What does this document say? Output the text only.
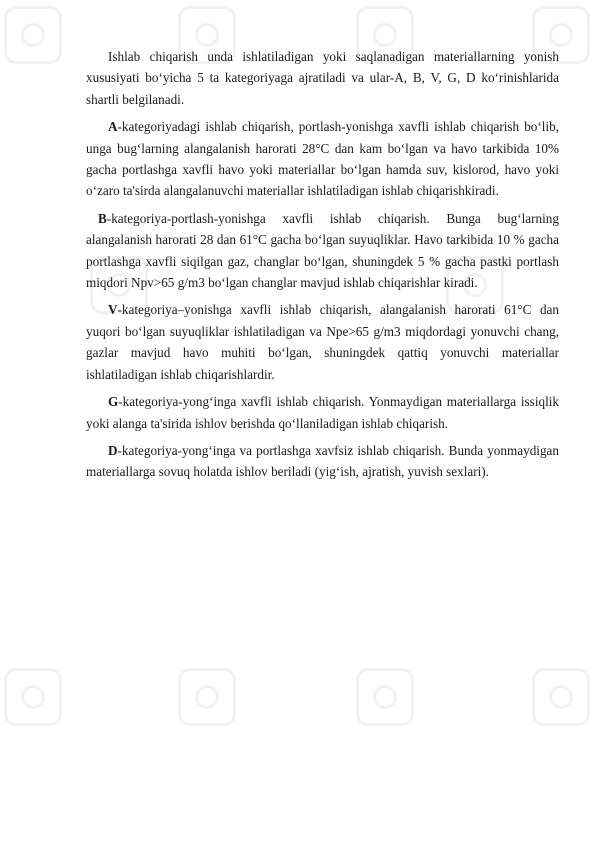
Ishlab chiqarish unda ishlatiladigan yoki saqlanadigan materiallarning yonish xususiyati boʻyicha 5 ta kategoriyaga ajratiladi va ular-A, B, V, G, D koʻrinishlarida shartli belgilanadi.

A-kategoriyadagi ishlab chiqarish, portlash-yonishga xavfli ishlab chiqarish boʻlib, unga bugʻlarning alangalanish harorati 28°C dan kam boʻlgan va havo tarkibida 10% gacha portlashga xavfli havo yoki materiallar boʻlgan hamda suv, kislorod, havo yoki oʻzaro ta'sirda alangalanuvchi materiallar ishlatiladigan ishlab chiqarishkiradi.

B-kategoriya-portlash-yonishga xavfli ishlab chiqarish. Bunga bugʻlarning alangalanish harorati 28 dan 61°C gacha boʻlgan suyuqliklar. Havo tarkibida 10 % gacha portlashga xavfli siqilgan gaz, changlar boʻlgan, shuningdek 5 % gacha pastki portlash miqdori Npv>65 g/m3 boʻlgan changlar mavjud ishlab chiqarishlar kiradi.

V-kategoriya–yonishga xavfli ishlab chiqarish, alangalanish harorati 61°C dan yuqori boʻlgan suyuqliklar ishlatiladigan va Npe>65 g/m3 miqdordagi yonuvchi chang, gazlar mavjud havo muhiti boʻlgan, shuningdek qattiq yonuvchi materiallar ishlatiladigan ishlab chiqarishlardir.

G-kategoriya-yongʻinga xavfli ishlab chiqarish. Yonmaydigan materiallarga issiqlik yoki alanga ta'sirida ishlov berishda qoʻllaniladigan ishlab chiqarish.

D-kategoriya-yongʻinga va portlashga xavfsiz ishlab chiqarish. Bunda yonmaydigan materiallarga sovuq holatda ishlov beriladi (yigʻish, ajratish, yuvish sexlari).
